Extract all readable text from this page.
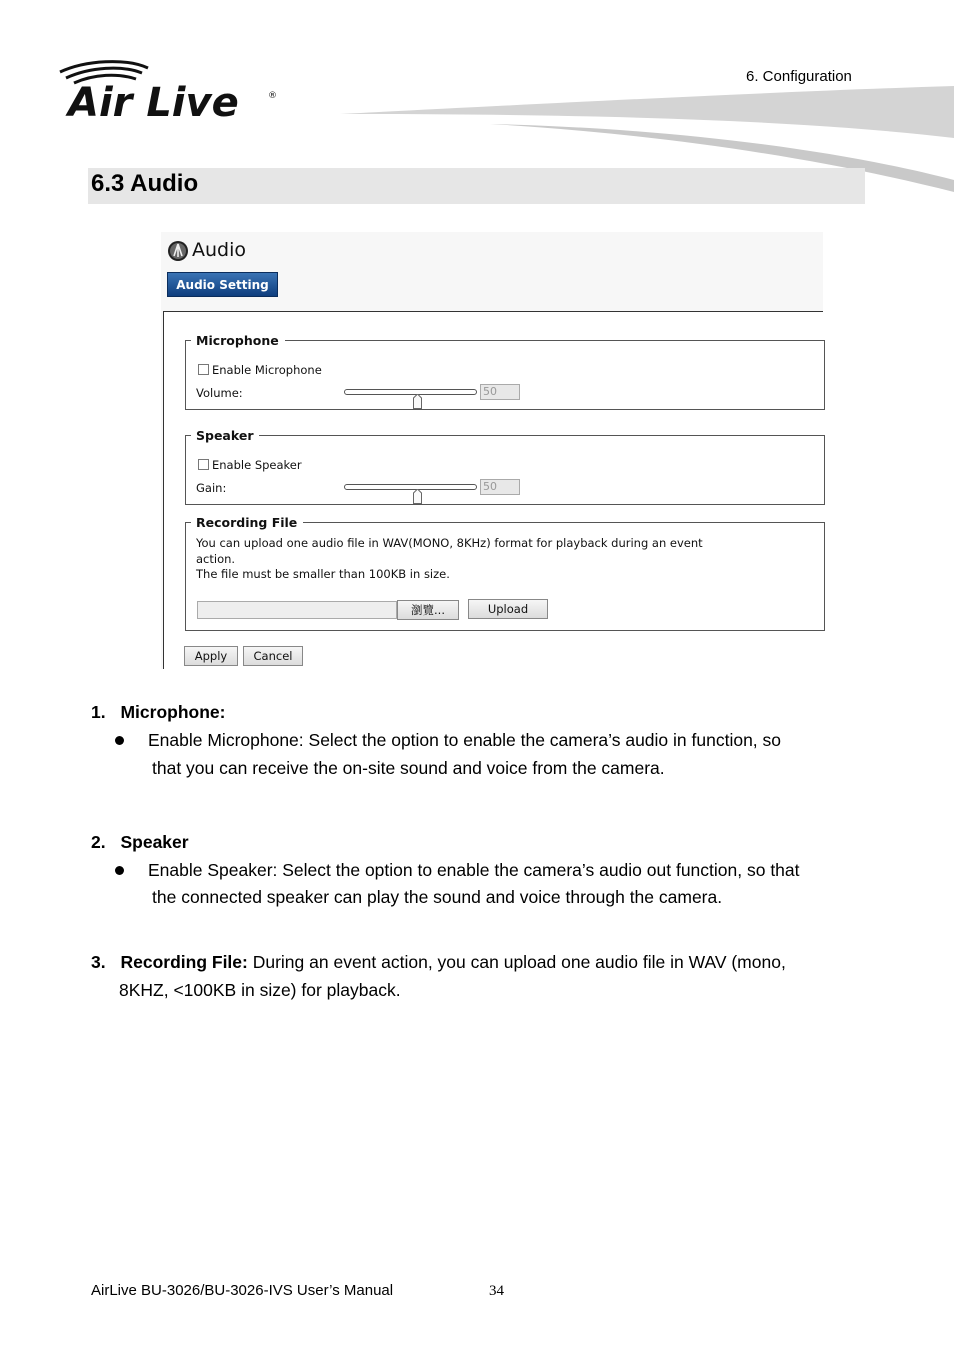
Air Live	®
6. Configuration
6.3 Audio
Audio
Audio Setting
Microphone
Enable Microphone
Volume:	50
Speaker
Enable Speaker
Gain:	50
Recording File
You can upload one audio file in WAV(MONO, 8KHz) format for playback during an event
action.
The file must be smaller than 100KB in size.
瀏覽...	Upload
Apply	Cancel
1. Microphone:
Enable Microphone: Select the option to enable the camera’s audio in function, so
that you can receive the on-site sound and voice from the camera.
2. Speaker
Enable Speaker: Select the option to enable the camera’s audio out function, so that
the connected speaker can play the sound and voice through the camera.
3. Recording File: During an event action, you can upload one audio file in WAV (mono,
8KHZ, <100KB in size) for playback.
AirLive BU-3026/BU-3026-IVS User’s Manual	34
